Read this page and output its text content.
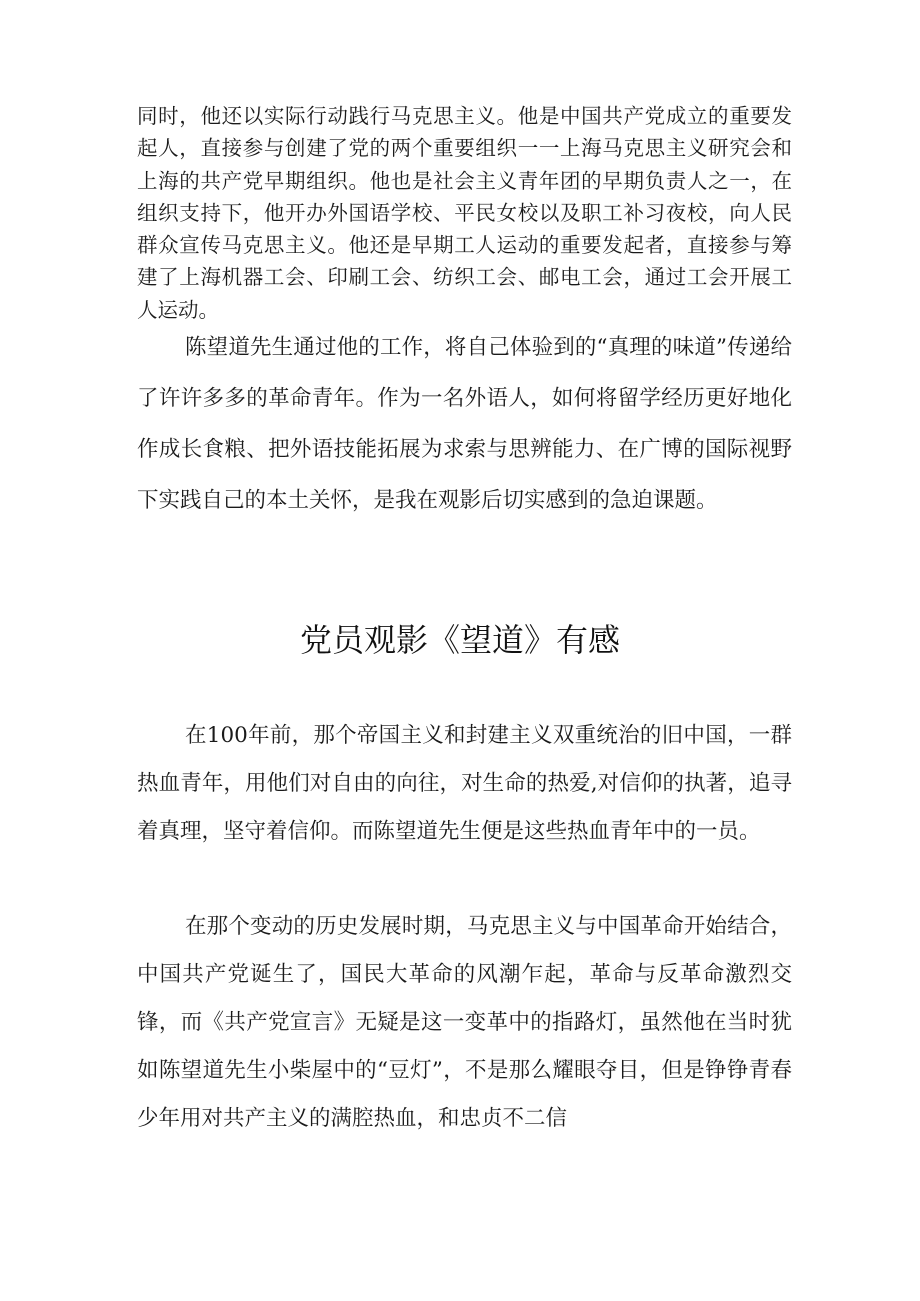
同时，他还以实际行动践行马克思主义。他是中国共产党成立的重要发起人，直接参与创建了党的两个重要组织一一上海马克思主义研究会和上海的共产党早期组织。他也是社会主义青年团的早期负责人之一，在组织支持下，他开办外国语学校、平民女校以及职工补习夜校，向人民群众宣传马克思主义。他还是早期工人运动的重要发起者，直接参与筹建了上海机器工会、印刷工会、纺织工会、邮电工会，通过工会开展工人运动。

陈望道先生通过他的工作，将自己体验到的“真理的味道”传递给了许许多多的革命青年。作为一名外语人，如何将留学经历更好地化作成长食粮、把外语技能拓展为求索与思辨能力、在广博的国际视野下实践自己的本土关怀，是我在观影后切实感到的急迫课题。

党员观影《望道》有感

在100年前，那个帝国主义和封建主义双重统治的旧中国，一群热血青年，用他们对自由的向往，对生命的热爱,对信仰的执著，追寻着真理，坚守着信仰。而陈望道先生便是这些热血青年中的一员。

在那个变动的历史发展时期，马克思主义与中国革命开始结合，中国共产党诞生了，国民大革命的风潮乍起，革命与反革命激烈交锋，而《共产党宣言》无疑是这一变革中的指路灯，虽然他在当时犹如陈望道先生小柴屋中的“豆灯”，不是那么耀眼夺目，但是铮铮青春少年用对共产主义的满腔热血，和忠贞不二信
